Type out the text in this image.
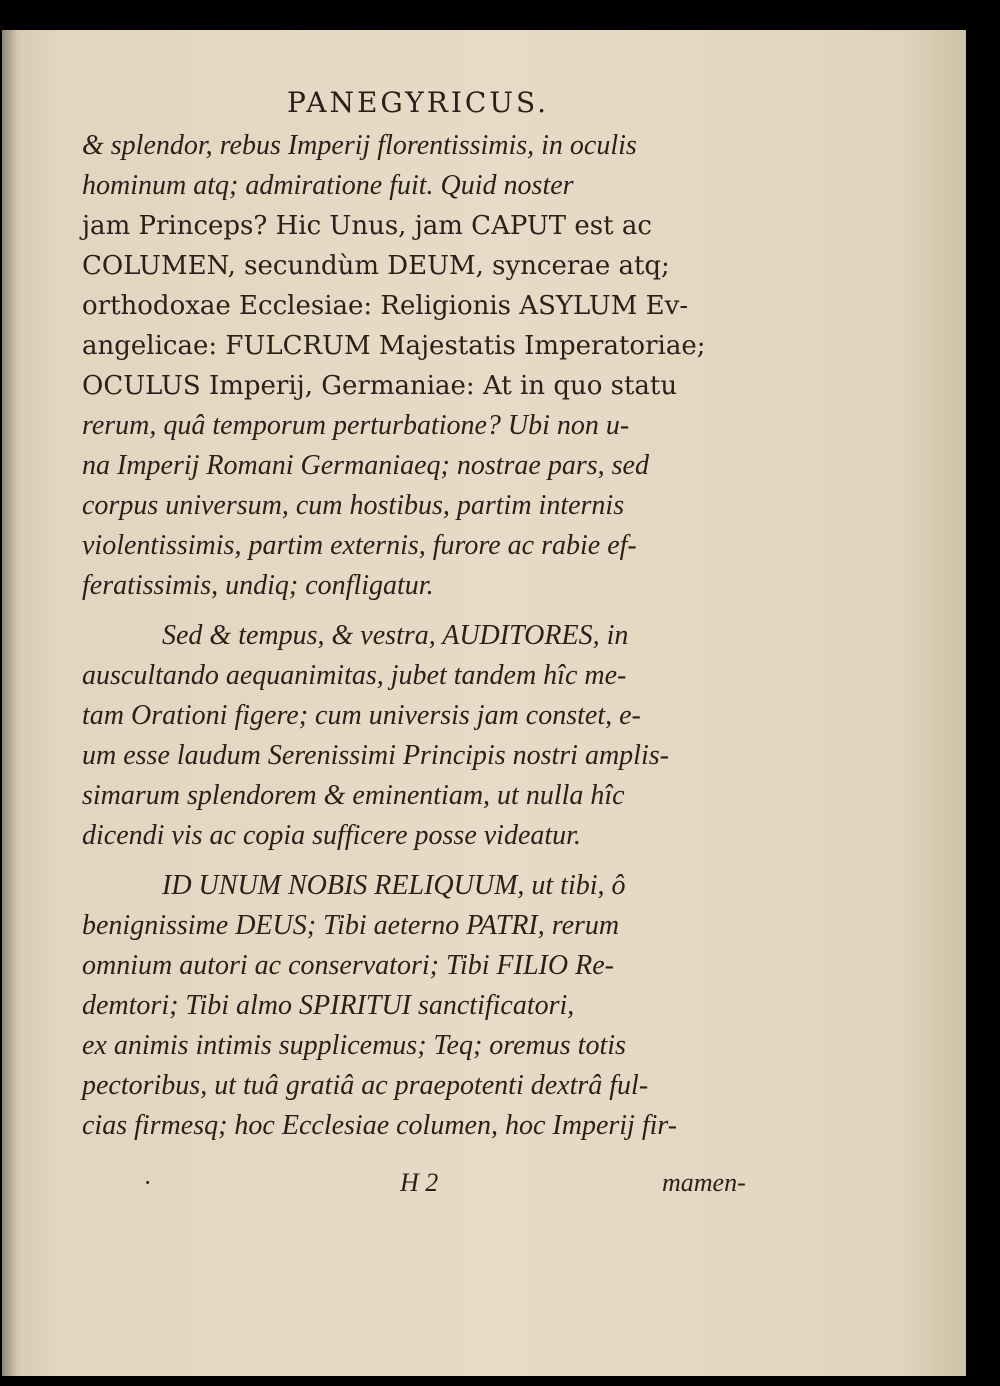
PANEGYRICUS.
& splendor, rebus Imperij florentissimis, in oculis
hominum atq; admiratione fuit. Quid noster
jam Princeps? Hic Unus, jam CAPUT est ac
COLUMEN, secundùm DEUM, syncerae atq;
orthodoxae Ecclesiae: Religionis ASYLUM Ev-
angelicae: FULCRUM Majestatis Imperatoriae;
OCULUS Imperij, Germaniae: At in quo statu
rerum, quâ temporum perturbatione? Ubi non u-
na Imperij Romani Germaniaeq; nostrae pars, sed
corpus universum, cum hostibus, partim internis
violentissimis, partim externis, furore ac rabie ef-
feratissimis, undiq; confligatur.
Sed & tempus, & vestra, AUDITORES, in
auscultando aequanimitas, jubet tandem hîc me-
tam Orationi figere; cum universis jam constet, e-
um esse laudum Serenissimi Principis nostri amplis-
simarum splendorem & eminentiam, ut nulla hîc
dicendi vis ac copia sufficere posse videatur.
ID UNUM NOBIS RELIQUUM, ut tibi, ô
benignissime DEUS; Tibi aeterno PATRI, rerum
omnium autori ac conservatori; Tibi FILIO Re-
demtori; Tibi almo SPIRITUI sanctificatori,
ex animis intimis supplicemus; Teq; oremus totis
pectoribus, ut tuâ gratiâ ac praepotenti dextrâ ful-
cias firmesq; hoc Ecclesiae columen, hoc Imperij fir-
·	H 2	mamen-
